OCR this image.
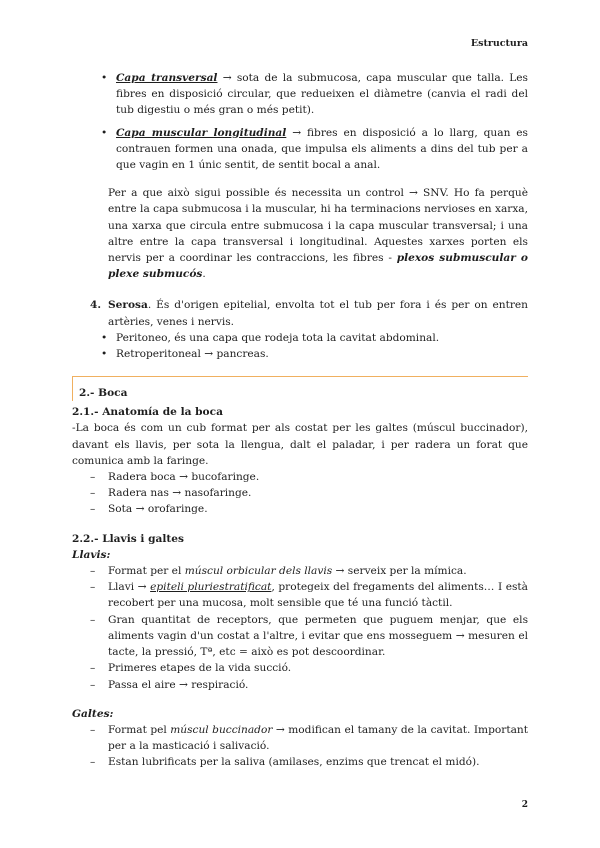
Estructura
• Capa transversal → sota de la submucosa, capa muscular que talla. Les fibres en disposició circular, que redueixen el diàmetre (canvia el radi del tub digestiu o més gran o més petit).
• Capa muscular longitudinal → fibres en disposició a lo llarg, quan es contrauen formen una onada, que impulsa els aliments a dins del tub per a que vagin en 1 únic sentit, de sentit bocal a anal.

Per a que això sigui possible és necessita un control → SNV. Ho fa perquè entre la capa submucosa i la muscular, hi ha terminacions nervioses en xarxa, una xarxa que circula entre submucosa i la capa muscular transversal; i una altre entre la capa transversal i longitudinal. Aquestes xarxes porten els nervis per a coordinar les contraccions, les fibres - plexos submuscular o plexe submucós.

4. Serosa. És d'origen epitelial, envolta tot el tub per fora i és per on entren artèries, venes i nervis.
• Peritoneo, és una capa que rodeja tota la cavitat abdominal.
• Retroperitoneal → pancreas.
2.- Boca

2.1.- Anatomía de la boca

-La boca és com un cub format per als costat per les galtes (múscul buccinador), davant els llavis, per sota la llengua, dalt el paladar, i per radera un forat que comunica amb la faringe.

– Radera boca → bucofaringe.
– Radera nas → nasofaringe.
– Sota → orofaringe.

2.2.- Llavis i galtes

Llavis:

– Format per el múscul orbicular dels llavis → serveix per la mímica.
– Llavi → epiteli pluriestratificat, protegeix del fregaments del aliments… I està recobert per una mucosa, molt sensible que té una funció tàctil.
– Gran quantitat de receptors, que permeten que puguem menjar, que els aliments vagin d'un costat a l'altre, i evitar que ens mosseguem → mesuren el tacte, la pressió, Tª, etc = això es pot descoordinar.
– Primeres etapes de la vida succió.
– Passa el aire → respiració.

Galtes:

– Format pel múscul buccinador → modifican el tamany de la cavitat. Important per a la masticació i salivació.
– Estan lubrificats per la saliva (amilases, enzims que trencat el midó).
2
